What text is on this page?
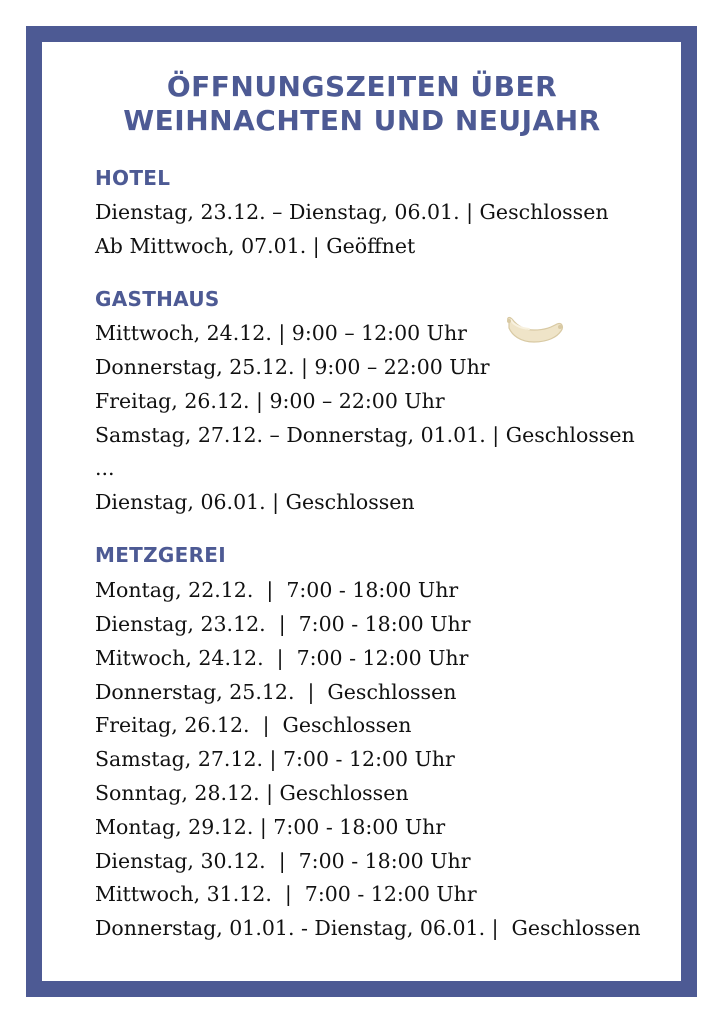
ÖFFNUNGSZEITEN ÜBER
WEIHNACHTEN UND NEUJAHR
HOTEL
Dienstag, 23.12. – Dienstag, 06.01. | Geschlossen
Ab Mittwoch, 07.01. | Geöffnet
GASTHAUS
Mittwoch, 24.12. | 9:00 – 12:00 Uhr
Donnerstag, 25.12. | 9:00 – 22:00 Uhr
Freitag, 26.12. | 9:00 – 22:00 Uhr
Samstag, 27.12. – Donnerstag, 01.01. | Geschlossen
...
Dienstag, 06.01. | Geschlossen
METZGEREI
Montag, 22.12.  |  7:00 - 18:00 Uhr
Dienstag, 23.12.  |  7:00 - 18:00 Uhr
Mitwoch, 24.12.  |  7:00 - 12:00 Uhr
Donnerstag, 25.12.  |  Geschlossen
Freitag, 26.12.  |  Geschlossen
Samstag, 27.12. | 7:00 - 12:00 Uhr
Sonntag, 28.12. | Geschlossen
Montag, 29.12. | 7:00 - 18:00 Uhr
Dienstag, 30.12.  |  7:00 - 18:00 Uhr
Mittwoch, 31.12.  |  7:00 - 12:00 Uhr
Donnerstag, 01.01. - Dienstag, 06.01. |  Geschlossen
